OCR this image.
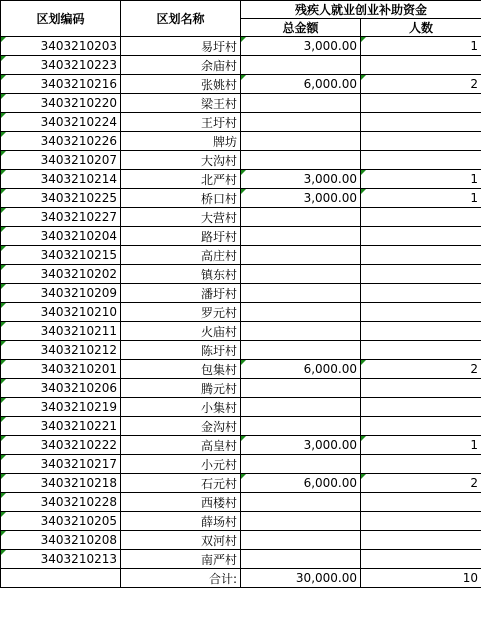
区划编码	区划名称	残疾人就业创业补助资金	
		总金额	人数
3403210203	易圩村	3,000.00	1
3403210223	余庙村		
3403210216	张姚村	6,000.00	2
3403210220	梁王村		
3403210224	王圩村		
3403210226	牌坊		
3403210207	大沟村		
3403210214	北严村	3,000.00	1
3403210225	桥口村	3,000.00	1
3403210227	大营村		
3403210204	路圩村		
3403210215	高庄村		
3403210202	镇东村		
3403210209	潘圩村		
3403210210	罗元村		
3403210211	火庙村		
3403210212	陈圩村		
3403210201	包集村	6,000.00	2
3403210206	腾元村		
3403210219	小集村		
3403210221	金沟村		
3403210222	高皇村	3,000.00	1
3403210217	小元村		
3403210218	石元村	6,000.00	2
3403210228	西楼村		
3403210205	薛场村		
3403210208	双河村		
3403210213	南严村		
	合计:	30,000.00	10
